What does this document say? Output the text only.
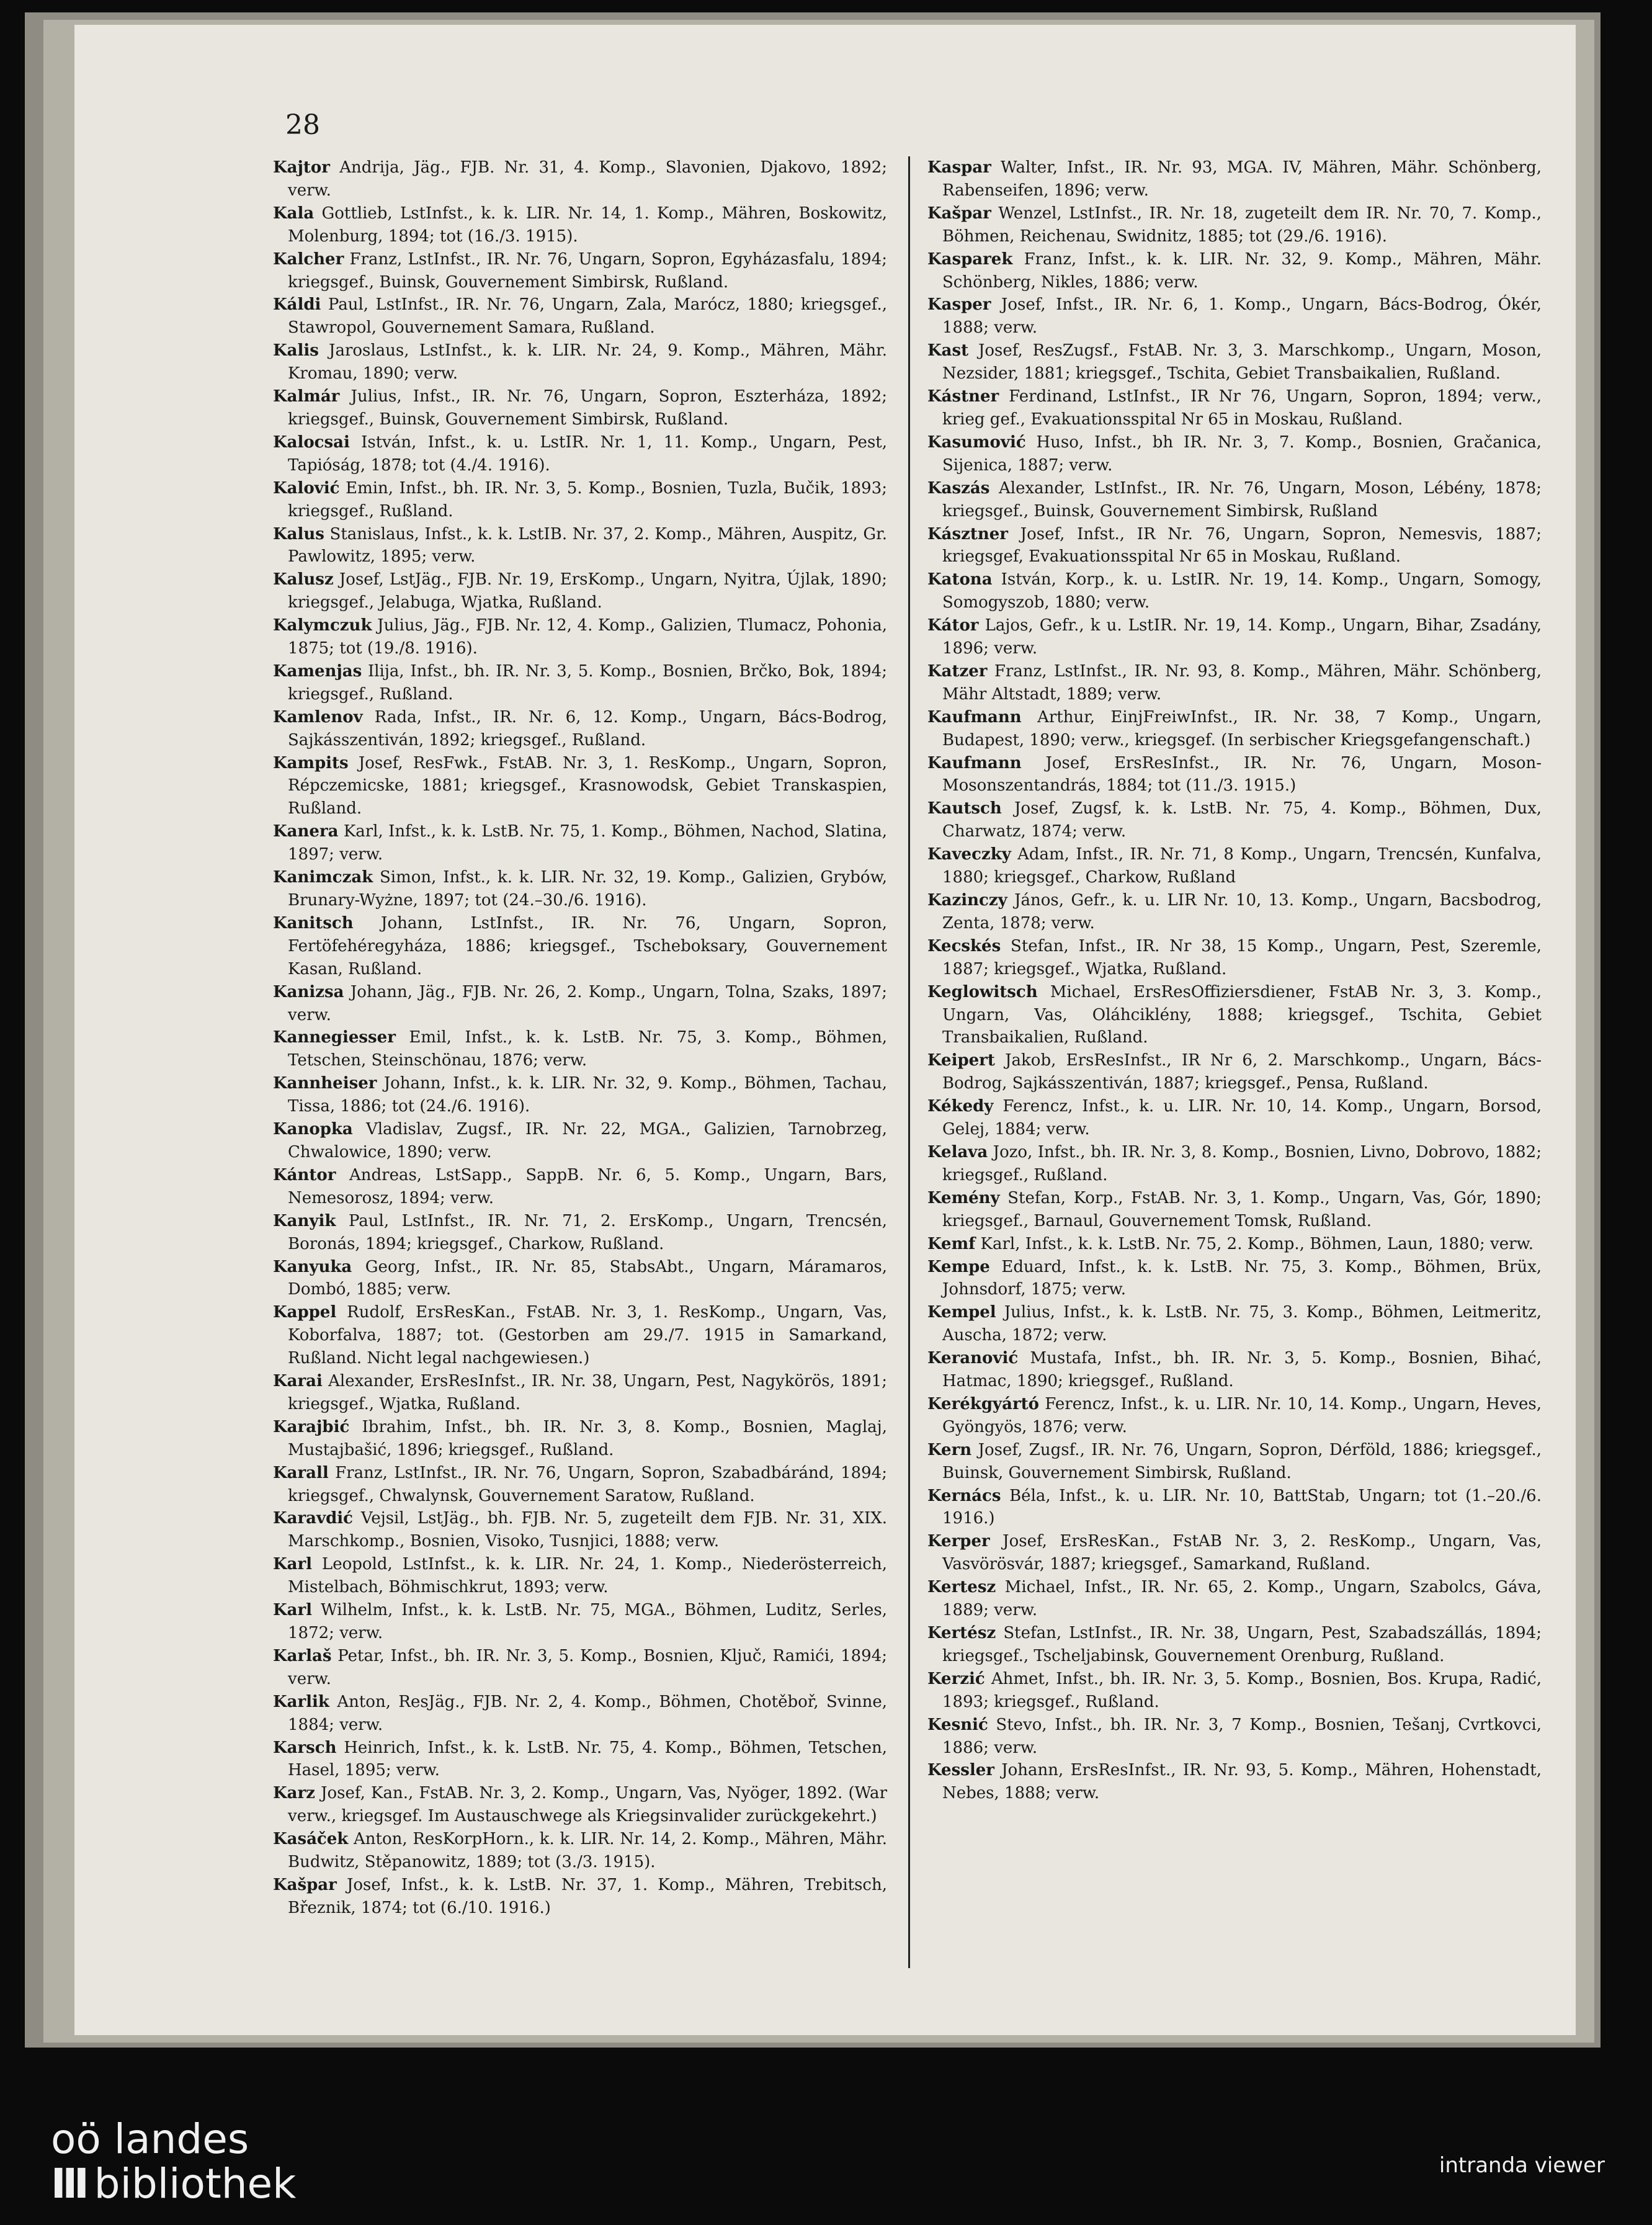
28

Kajtor Andrija, Jäg., FJB. Nr. 31, 4. Komp., Slavonien, Djakovo, 1892; verw.

Kala Gottlieb, LstInfst., k. k. LIR. Nr. 14, 1. Komp., Mähren, Boskowitz, Molenburg, 1894; tot (16./3. 1915).

Kalcher Franz, LstInfst., IR. Nr. 76, Ungarn, Sopron, Egyházasfalu, 1894; kriegsgef., Buinsk, Gouvernement Simbirsk, Rußland.

Káldi Paul, LstInfst., IR. Nr. 76, Ungarn, Zala, Marócz, 1880; kriegsgef., Stawropol, Gouvernement Samara, Rußland.

Kalis Jaroslaus, LstInfst., k. k. LIR. Nr. 24, 9. Komp., Mähren, Mähr. Kromau, 1890; verw.

Kalmár Julius, Infst., IR. Nr. 76, Ungarn, Sopron, Eszterháza, 1892; kriegsgef., Buinsk, Gouvernement Simbirsk, Rußland.

Kalocsai István, Infst., k. u. LstIR. Nr. 1, 11. Komp., Ungarn, Pest, Tapióság, 1878; tot (4./4. 1916).

Kalović Emin, Infst., bh. IR. Nr. 3, 5. Komp., Bosnien, Tuzla, Bučik, 1893; kriegsgef., Rußland.

Kalus Stanislaus, Infst., k. k. LstIB. Nr. 37, 2. Komp., Mähren, Auspitz, Gr. Pawlowitz, 1895; verw.

Kalusz Josef, LstJäg., FJB. Nr. 19, ErsKomp., Ungarn, Nyitra, Újlak, 1890; kriegsgef., Jelabuga, Wjatka, Rußland.

Kalymczuk Julius, Jäg., FJB. Nr. 12, 4. Komp., Galizien, Tlumacz, Pohonia, 1875; tot (19./8. 1916).

Kamenjas Ilija, Infst., bh. IR. Nr. 3, 5. Komp., Bosnien, Brčko, Bok, 1894; kriegsgef., Rußland.

Kamlenov Rada, Infst., IR. Nr. 6, 12. Komp., Ungarn, Bács-Bodrog, Sajkásszentiván, 1892; kriegsgef., Rußland.

Kampits Josef, ResFwk., FstAB. Nr. 3, 1. ResKomp., Ungarn, Sopron, Répczemicske, 1881; kriegsgef., Krasnowodsk, Gebiet Transkaspien, Rußland.

Kanera Karl, Infst., k. k. LstB. Nr. 75, 1. Komp., Böhmen, Nachod, Slatina, 1897; verw.

Kanimczak Simon, Infst., k. k. LIR. Nr. 32, 19. Komp., Galizien, Grybów, Brunary-Wyżne, 1897; tot (24.–30./6. 1916).

Kanitsch Johann, LstInfst., IR. Nr. 76, Ungarn, Sopron, Fertöfehéregyháza, 1886; kriegsgef., Tscheboksary, Gouvernement Kasan, Rußland.

Kanizsa Johann, Jäg., FJB. Nr. 26, 2. Komp., Ungarn, Tolna, Szaks, 1897; verw.

Kannegiesser Emil, Infst., k. k. LstB. Nr. 75, 3. Komp., Böhmen, Tetschen, Steinschönau, 1876; verw.

Kannheiser Johann, Infst., k. k. LIR. Nr. 32, 9. Komp., Böhmen, Tachau, Tissa, 1886; tot (24./6. 1916).

Kanopka Vladislav, Zugsf., IR. Nr. 22, MGA., Galizien, Tarnobrzeg, Chwalowice, 1890; verw.

Kántor Andreas, LstSapp., SappB. Nr. 6, 5. Komp., Ungarn, Bars, Nemesorosz, 1894; verw.

Kanyik Paul, LstInfst., IR. Nr. 71, 2. ErsKomp., Ungarn, Trencsén, Boronás, 1894; kriegsgef., Charkow, Rußland.

Kanyuka Georg, Infst., IR. Nr. 85, StabsAbt., Ungarn, Máramaros, Dombó, 1885; verw.

Kappel Rudolf, ErsResKan., FstAB. Nr. 3, 1. ResKomp., Ungarn, Vas, Koborfalva, 1887; tot. (Gestorben am 29./7. 1915 in Samarkand, Rußland. Nicht legal nachgewiesen.)

Karai Alexander, ErsResInfst., IR. Nr. 38, Ungarn, Pest, Nagykörös, 1891; kriegsgef., Wjatka, Rußland.

Karajbić Ibrahim, Infst., bh. IR. Nr. 3, 8. Komp., Bosnien, Maglaj, Mustajbašić, 1896; kriegsgef., Rußland.

Karall Franz, LstInfst., IR. Nr. 76, Ungarn, Sopron, Szabadbáránd, 1894; kriegsgef., Chwalynsk, Gouvernement Saratow, Rußland.

Karavdić Vejsil, LstJäg., bh. FJB. Nr. 5, zugeteilt dem FJB. Nr. 31, XIX. Marschkomp., Bosnien, Visoko, Tusnjici, 1888; verw.

Karl Leopold, LstInfst., k. k. LIR. Nr. 24, 1. Komp., Niederösterreich, Mistelbach, Böhmischkrut, 1893; verw.

Karl Wilhelm, Infst., k. k. LstB. Nr. 75, MGA., Böhmen, Luditz, Serles, 1872; verw.

Karlaš Petar, Infst., bh. IR. Nr. 3, 5. Komp., Bosnien, Ključ, Ramići, 1894; verw.

Karlik Anton, ResJäg., FJB. Nr. 2, 4. Komp., Böhmen, Chotěboř, Svinne, 1884; verw.

Karsch Heinrich, Infst., k. k. LstB. Nr. 75, 4. Komp., Böhmen, Tetschen, Hasel, 1895; verw.

Karz Josef, Kan., FstAB. Nr. 3, 2. Komp., Ungarn, Vas, Nyöger, 1892. (War verw., kriegsgef. Im Austauschwege als Kriegsinvalider zurückgekehrt.)

Kasáček Anton, ResKorpHorn., k. k. LIR. Nr. 14, 2. Komp., Mähren, Mähr. Budwitz, Stěpanowitz, 1889; tot (3./3. 1915).

Kašpar Josef, Infst., k. k. LstB. Nr. 37, 1. Komp., Mähren, Trebitsch, Březnik, 1874; tot (6./10. 1916.)

Kaspar Walter, Infst., IR. Nr. 93, MGA. IV, Mähren, Mähr. Schönberg, Rabenseifen, 1896; verw.

Kašpar Wenzel, LstInfst., IR. Nr. 18, zugeteilt dem IR. Nr. 70, 7. Komp., Böhmen, Reichenau, Swidnitz, 1885; tot (29./6. 1916).

Kasparek Franz, Infst., k. k. LIR. Nr. 32, 9. Komp., Mähren, Mähr. Schönberg, Nikles, 1886; verw.

Kasper Josef, Infst., IR. Nr. 6, 1. Komp., Ungarn, Bács-Bodrog, Ókér, 1888; verw.

Kast Josef, ResZugsf., FstAB. Nr. 3, 3. Marschkomp., Ungarn, Moson, Nezsider, 1881; kriegsgef., Tschita, Gebiet Transbaikalien, Rußland.

Kástner Ferdinand, LstInfst., IR Nr 76, Ungarn, Sopron, 1894; verw., krieg gef., Evakuationsspital Nr 65 in Moskau, Rußland.

Kasumović Huso, Infst., bh IR. Nr. 3, 7. Komp., Bosnien, Gračanica, Sijenica, 1887; verw.

Kaszás Alexander, LstInfst., IR. Nr. 76, Ungarn, Moson, Lébény, 1878; kriegsgef., Buinsk, Gouvernement Simbirsk, Rußland

Kásztner Josef, Infst., IR Nr. 76, Ungarn, Sopron, Nemesvis, 1887; kriegsgef, Evakuationsspital Nr 65 in Moskau, Rußland.

Katona István, Korp., k. u. LstIR. Nr. 19, 14. Komp., Ungarn, Somogy, Somogyszob, 1880; verw.

Kátor Lajos, Gefr., k u. LstIR. Nr. 19, 14. Komp., Ungarn, Bihar, Zsadány, 1896; verw.

Katzer Franz, LstInfst., IR. Nr. 93, 8. Komp., Mähren, Mähr. Schönberg, Mähr Altstadt, 1889; verw.

Kaufmann Arthur, EinjFreiwInfst., IR. Nr. 38, 7 Komp., Ungarn, Budapest, 1890; verw., kriegsgef. (In serbischer Kriegsgefangenschaft.)

Kaufmann Josef, ErsResInfst., IR. Nr. 76, Ungarn, Moson-Mosonszentandrás, 1884; tot (11./3. 1915.)

Kautsch Josef, Zugsf, k. k. LstB. Nr. 75, 4. Komp., Böhmen, Dux, Charwatz, 1874; verw.

Kaveczky Adam, Infst., IR. Nr. 71, 8 Komp., Ungarn, Trencsén, Kunfalva, 1880; kriegsgef., Charkow, Rußland

Kazinczy János, Gefr., k. u. LIR Nr. 10, 13. Komp., Ungarn, Bacsbodrog, Zenta, 1878; verw.

Kecskés Stefan, Infst., IR. Nr 38, 15 Komp., Ungarn, Pest, Szeremle, 1887; kriegsgef., Wjatka, Rußland.

Keglowitsch Michael, ErsResOffiziersdiener, FstAB Nr. 3, 3. Komp., Ungarn, Vas, Oláhciklény, 1888; kriegsgef., Tschita, Gebiet Transbaikalien, Rußland.

Keipert Jakob, ErsResInfst., IR Nr 6, 2. Marschkomp., Ungarn, Bács-Bodrog, Sajkásszentiván, 1887; kriegsgef., Pensa, Rußland.

Kékedy Ferencz, Infst., k. u. LIR. Nr. 10, 14. Komp., Ungarn, Borsod, Gelej, 1884; verw.

Kelava Jozo, Infst., bh. IR. Nr. 3, 8. Komp., Bosnien, Livno, Dobrovo, 1882; kriegsgef., Rußland.

Kemény Stefan, Korp., FstAB. Nr. 3, 1. Komp., Ungarn, Vas, Gór, 1890; kriegsgef., Barnaul, Gouvernement Tomsk, Rußland.

Kemf Karl, Infst., k. k. LstB. Nr. 75, 2. Komp., Böhmen, Laun, 1880; verw.

Kempe Eduard, Infst., k. k. LstB. Nr. 75, 3. Komp., Böhmen, Brüx, Johnsdorf, 1875; verw.

Kempel Julius, Infst., k. k. LstB. Nr. 75, 3. Komp., Böhmen, Leitmeritz, Auscha, 1872; verw.

Keranović Mustafa, Infst., bh. IR. Nr. 3, 5. Komp., Bosnien, Bihać, Hatmac, 1890; kriegsgef., Rußland.

Kerékgyártó Ferencz, Infst., k. u. LIR. Nr. 10, 14. Komp., Ungarn, Heves, Gyöngyös, 1876; verw.

Kern Josef, Zugsf., IR. Nr. 76, Ungarn, Sopron, Dérföld, 1886; kriegsgef., Buinsk, Gouvernement Simbirsk, Rußland.

Kernács Béla, Infst., k. u. LIR. Nr. 10, BattStab, Ungarn; tot (1.–20./6. 1916.)

Kerper Josef, ErsResKan., FstAB Nr. 3, 2. ResKomp., Ungarn, Vas, Vasvörösvár, 1887; kriegsgef., Samarkand, Rußland.

Kertesz Michael, Infst., IR. Nr. 65, 2. Komp., Ungarn, Szabolcs, Gáva, 1889; verw.

Kertész Stefan, LstInfst., IR. Nr. 38, Ungarn, Pest, Szabadszállás, 1894; kriegsgef., Tscheljabinsk, Gouvernement Orenburg, Rußland.

Kerzić Ahmet, Infst., bh. IR. Nr. 3, 5. Komp., Bosnien, Bos. Krupa, Radić, 1893; kriegsgef., Rußland.

Kesnić Stevo, Infst., bh. IR. Nr. 3, 7 Komp., Bosnien, Tešanj, Cvrtkovci, 1886; verw.

Kessler Johann, ErsResInfst., IR. Nr. 93, 5. Komp., Mähren, Hohenstadt, Nebes, 1888; verw.

oö landes
III bibliothek	intranda viewer
